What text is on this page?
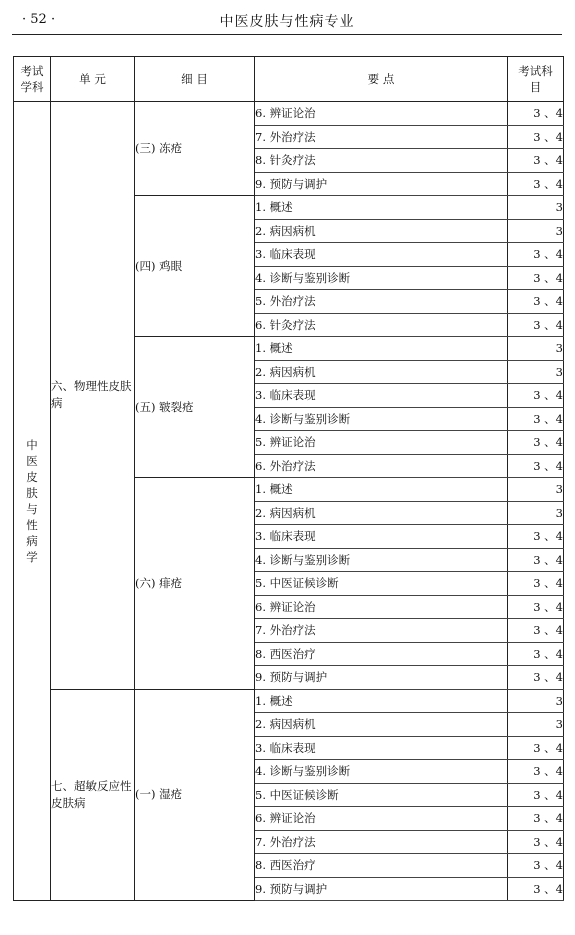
· 52 ·	中医皮肤与性病专业
考试学科	单 元	细 目	要 点	考试科目

中医皮肤与性病学	六、物理性皮肤病	(三) 冻疮	6. 辨证论治	3 、4
			7. 外治疗法	3 、4
			8. 针灸疗法	3 、4
			9. 预防与调护	3 、4
		(四) 鸡眼	1. 概述	3
			2. 病因病机	3
			3. 临床表现	3 、4
			4. 诊断与鉴别诊断	3 、4
			5. 外治疗法	3 、4
			6. 针灸疗法	3 、4
		(五) 皲裂疮	1. 概述	3
			2. 病因病机	3
			3. 临床表现	3 、4
			4. 诊断与鉴别诊断	3 、4
			5. 辨证论治	3 、4
			6. 外治疗法	3 、4
		(六) 痱疮	1. 概述	3
			2. 病因病机	3
			3. 临床表现	3 、4
			4. 诊断与鉴别诊断	3 、4
			5. 中医证候诊断	3 、4
			6. 辨证论治	3 、4
			7. 外治疗法	3 、4
			8. 西医治疗	3 、4
			9. 预防与调护	3 、4
	七、超敏反应性皮肤病	(一) 湿疮	1. 概述	3
			2. 病因病机	3
			3. 临床表现	3 、4
			4. 诊断与鉴别诊断	3 、4
			5. 中医证候诊断	3 、4
			6. 辨证论治	3 、4
			7. 外治疗法	3 、4
			8. 西医治疗	3 、4
			9. 预防与调护	3 、4
